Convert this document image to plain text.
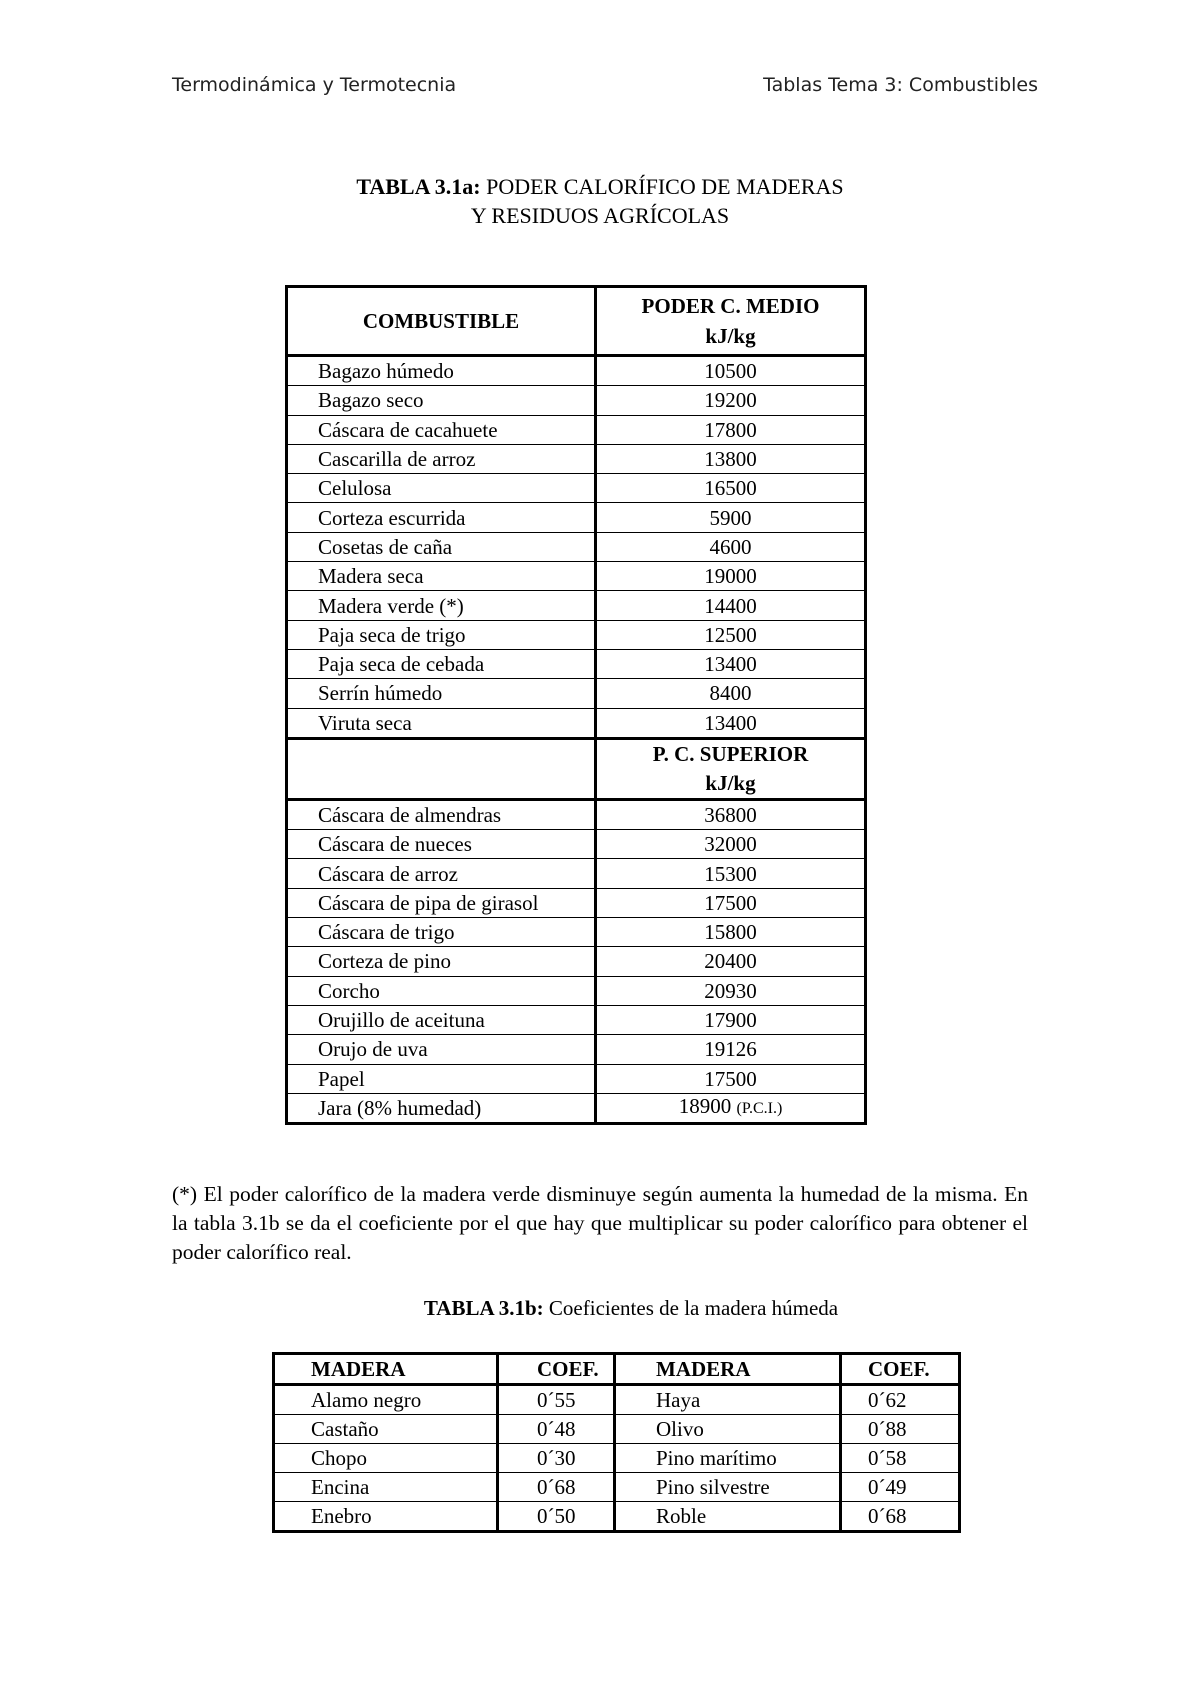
Termodinámica y Termotecnia	Tablas Tema 3: Combustibles
TABLA 3.1a: PODER CALORÍFICO DE MADERAS
Y RESIDUOS AGRÍCOLAS
COMBUSTIBLE	PODER C. MEDIO
kJ/kg

Bagazo húmedo	10500
Bagazo seco	19200
Cáscara de cacahuete	17800
Cascarilla de arroz	13800
Celulosa	16500
Corteza escurrida	5900
Cosetas de caña	4600
Madera seca	19000
Madera verde (*)	14400
Paja seca de trigo	12500
Paja seca de cebada	13400
Serrín húmedo	8400
Viruta seca	13400

	P. C. SUPERIOR
kJ/kg

Cáscara de almendras	36800
Cáscara de nueces	32000
Cáscara de arroz	15300
Cáscara de pipa de girasol	17500
Cáscara de trigo	15800
Corteza de pino	20400
Corcho	20930
Orujillo de aceituna	17900
Orujo de uva	19126
Papel	17500
Jara (8% humedad)	18900 (P.C.I.)
(*) El poder calorífico de la madera verde disminuye según aumenta la humedad de la misma. En la tabla 3.1b se da el coeficiente por el que hay que multiplicar su poder calorífico para obtener el poder calorífico real.
TABLA 3.1b: Coeficientes de la madera húmeda
MADERA	COEF.	MADERA	COEF.
Alamo negro	0´55	Haya	0´62
Castaño	0´48	Olivo	0´88
Chopo	0´30	Pino marítimo	0´58
Encina	0´68	Pino silvestre	0´49
Enebro	0´50	Roble	0´68
